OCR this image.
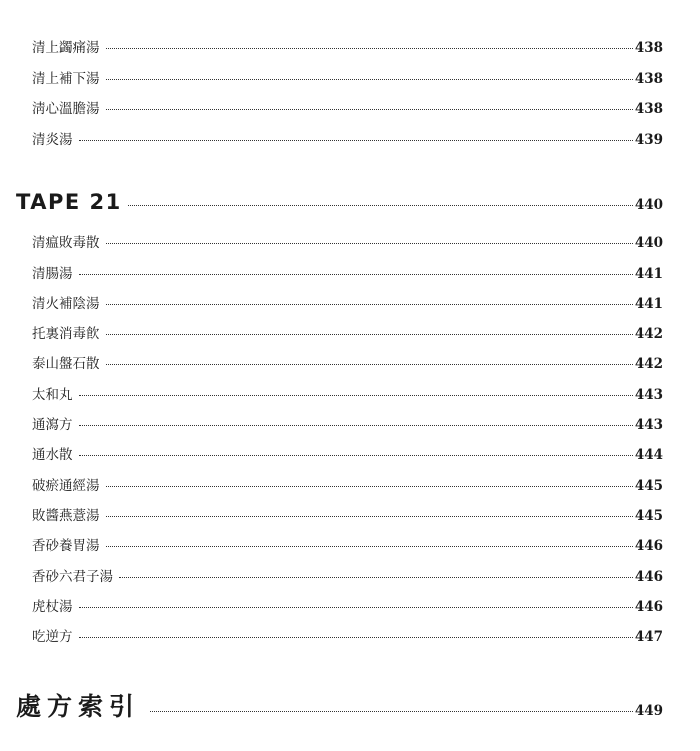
清上蠲痛湯	438
清上補下湯	438
淸心溫膽湯	438
清炎湯	439
TAPE 21	440
清瘟敗毒散	440
清腸湯	441
清火補陰湯	441
托裏消毒飮	442
泰山盤石散	442
太和丸	443
通瀉方	443
通水散	444
破瘀通經湯	445
敗醬燕薏湯	445
香砂養胃湯	446
香砂六君子湯	446
虎杖湯	446
吃逆方	447
處方索引	449
